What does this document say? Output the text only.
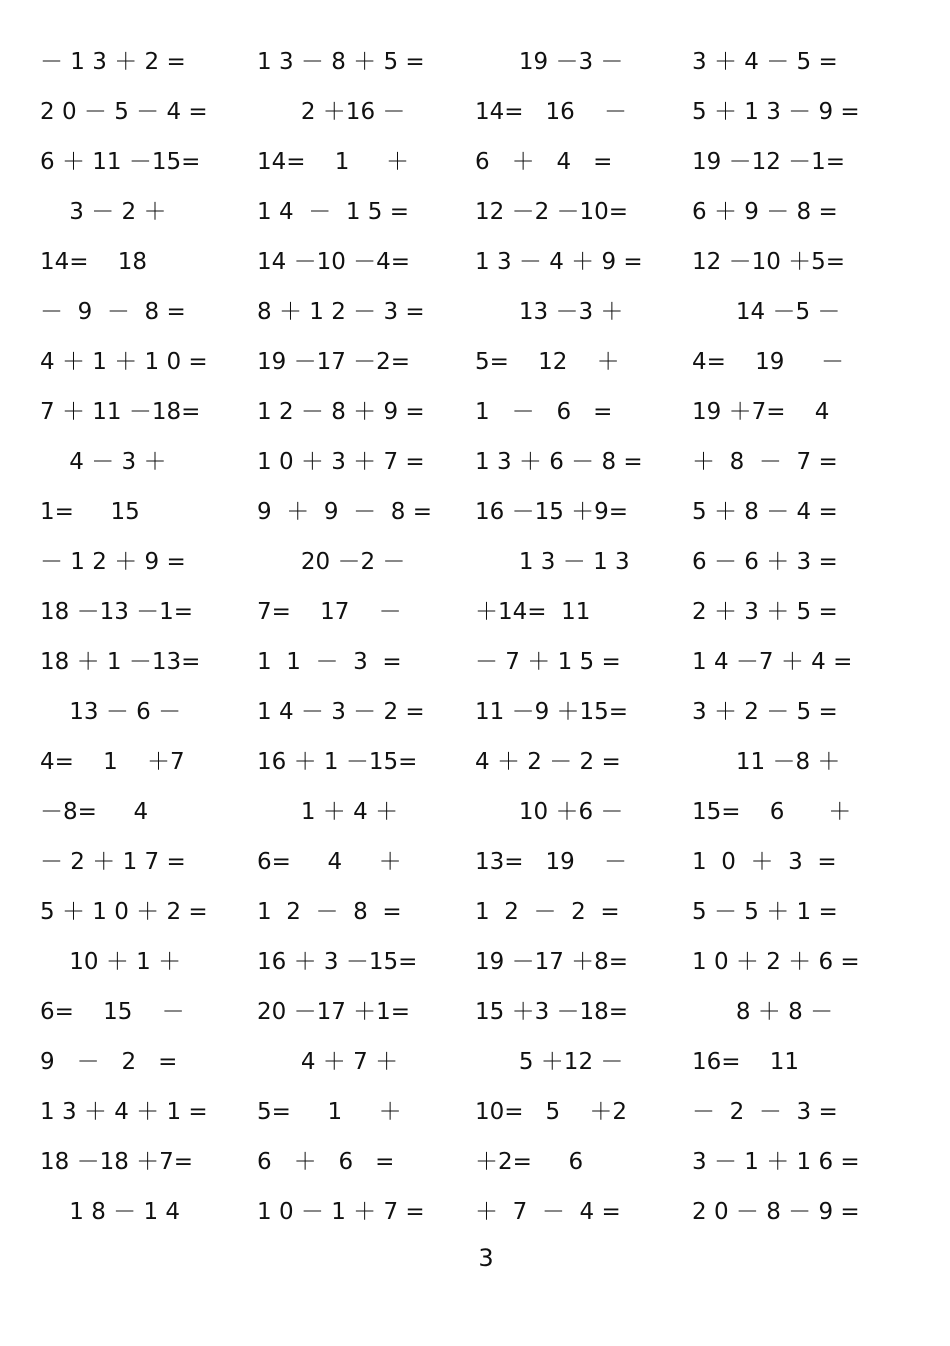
－ 1 3 ＋ 2 =
2 0 － 5 － 4 =
6 ＋ 11 －15=
3 － 2 ＋
14=    18
－  9  －  8 =
4 ＋ 1 ＋ 1 0 =
7 ＋ 11 －18=
4 － 3 ＋
1=     15
－ 1 2 ＋ 9 =
18 －13 －1=
18 ＋ 1 －13=
13 － 6 －
4=    1    ＋7
－8=     4
－ 2 ＋ 1 7 =
5 ＋ 1 0 ＋ 2 =
10 ＋ 1 ＋
6=    15    －
9   －   2   =
1 3 ＋ 4 ＋ 1 =
18 －18 ＋7=
1 8 － 1 4
1 3 － 8 ＋ 5 =
2 ＋16 －
14=    1     ＋
1 4  －  1 5 =
14 －10 －4=
8 ＋ 1 2 － 3 =
19 －17 －2=
1 2 － 8 ＋ 9 =
1 0 ＋ 3 ＋ 7 =
9  ＋  9  －  8 =
20 －2 －
7=    17    －
1  1  －  3  =
1 4 － 3 － 2 =
16 ＋ 1 －15=
1 ＋ 4 ＋
6=     4     ＋
1  2  －  8  =
16 ＋ 3 －15=
20 －17 ＋1=
4 ＋ 7 ＋
5=     1     ＋
6   ＋   6   =
1 0 － 1 ＋ 7 =
19 －3 －
14=   16    －
6   ＋   4   =
12 －2 －10=
1 3 － 4 ＋ 9 =
13 －3 ＋
5=    12    ＋
1   －   6   =
1 3 ＋ 6 － 8 =
16 －15 ＋9=
1 3 － 1 3
＋14=  11
－ 7 ＋ 1 5 =
11 －9 ＋15=
4 ＋ 2 － 2 =
10 ＋6 －
13=   19    －
1  2  －  2  =
19 －17 ＋8=
15 ＋3 －18=
5 ＋12 －
10=   5    ＋2
＋2=     6
＋  7  －  4 =
3 ＋ 4 － 5 =
5 ＋ 1 3 － 9 =
19 －12 －1=
6 ＋ 9 － 8 =
12 －10 ＋5=
14 －5 －
4=    19     －
19 ＋7=    4
＋  8  －  7 =
5 ＋ 8 － 4 =
6 － 6 ＋ 3 =
2 ＋ 3 ＋ 5 =
1 4 －7 ＋ 4 =
3 ＋ 2 － 5 =
11 －8 ＋
15=    6      ＋
1  0  ＋  3  =
5 － 5 ＋ 1 =
1 0 ＋ 2 ＋ 6 =
8 ＋ 8 －
16=    11
－  2  －  3 =
3 － 1 ＋ 1 6 =
2 0 － 8 － 9 =
3
